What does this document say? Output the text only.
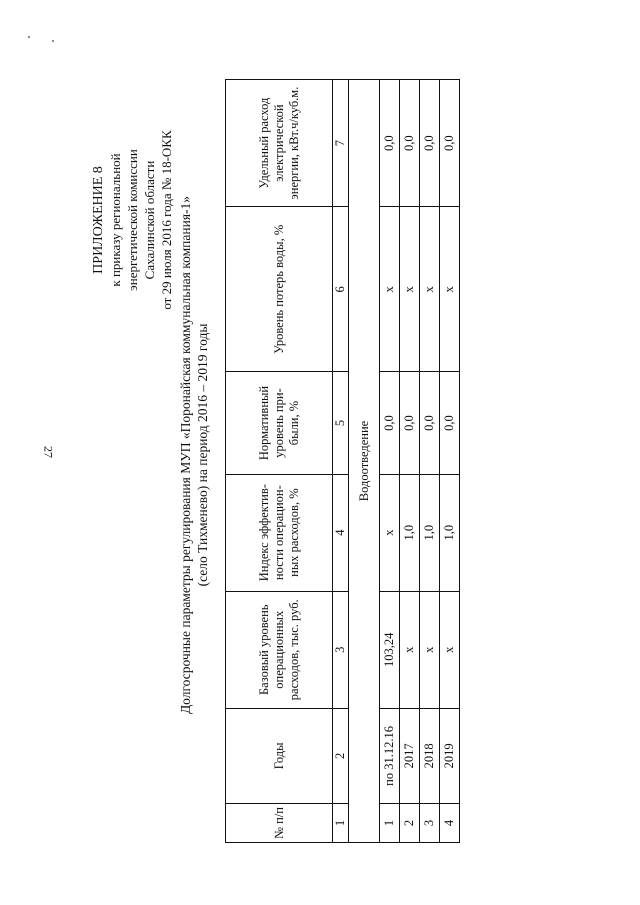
27
ПРИЛОЖЕНИЕ 8 к приказу региональной энергетической комиссии Сахалинской области от 29 июля 2016 года № 18-ОКК Долгосрочные параметры регулирования МУП «Поронайская коммунальная компания-1» (село Тихменево) на период 2016 – 2019 годы
№ п/п	Годы	Базовый уровень операционных расходов, тыс. руб.	Индекс эффектив-ности операцион-ных расходов, %	Нормативный уровень при-были, %	Уровень потерь воды, %	Удельный расход электрической энергии, кВт.ч/куб.м.
1	2	3	4	5	6	7
Водоотведение						
1	по 31.12.16	103,24	х	0,0	х	0,0
2	2017	х	1,0	0,0	х	0,0
3	2018	х	1,0	0,0	х	0,0
4	2019	х	1,0	0,0	х	0,0
